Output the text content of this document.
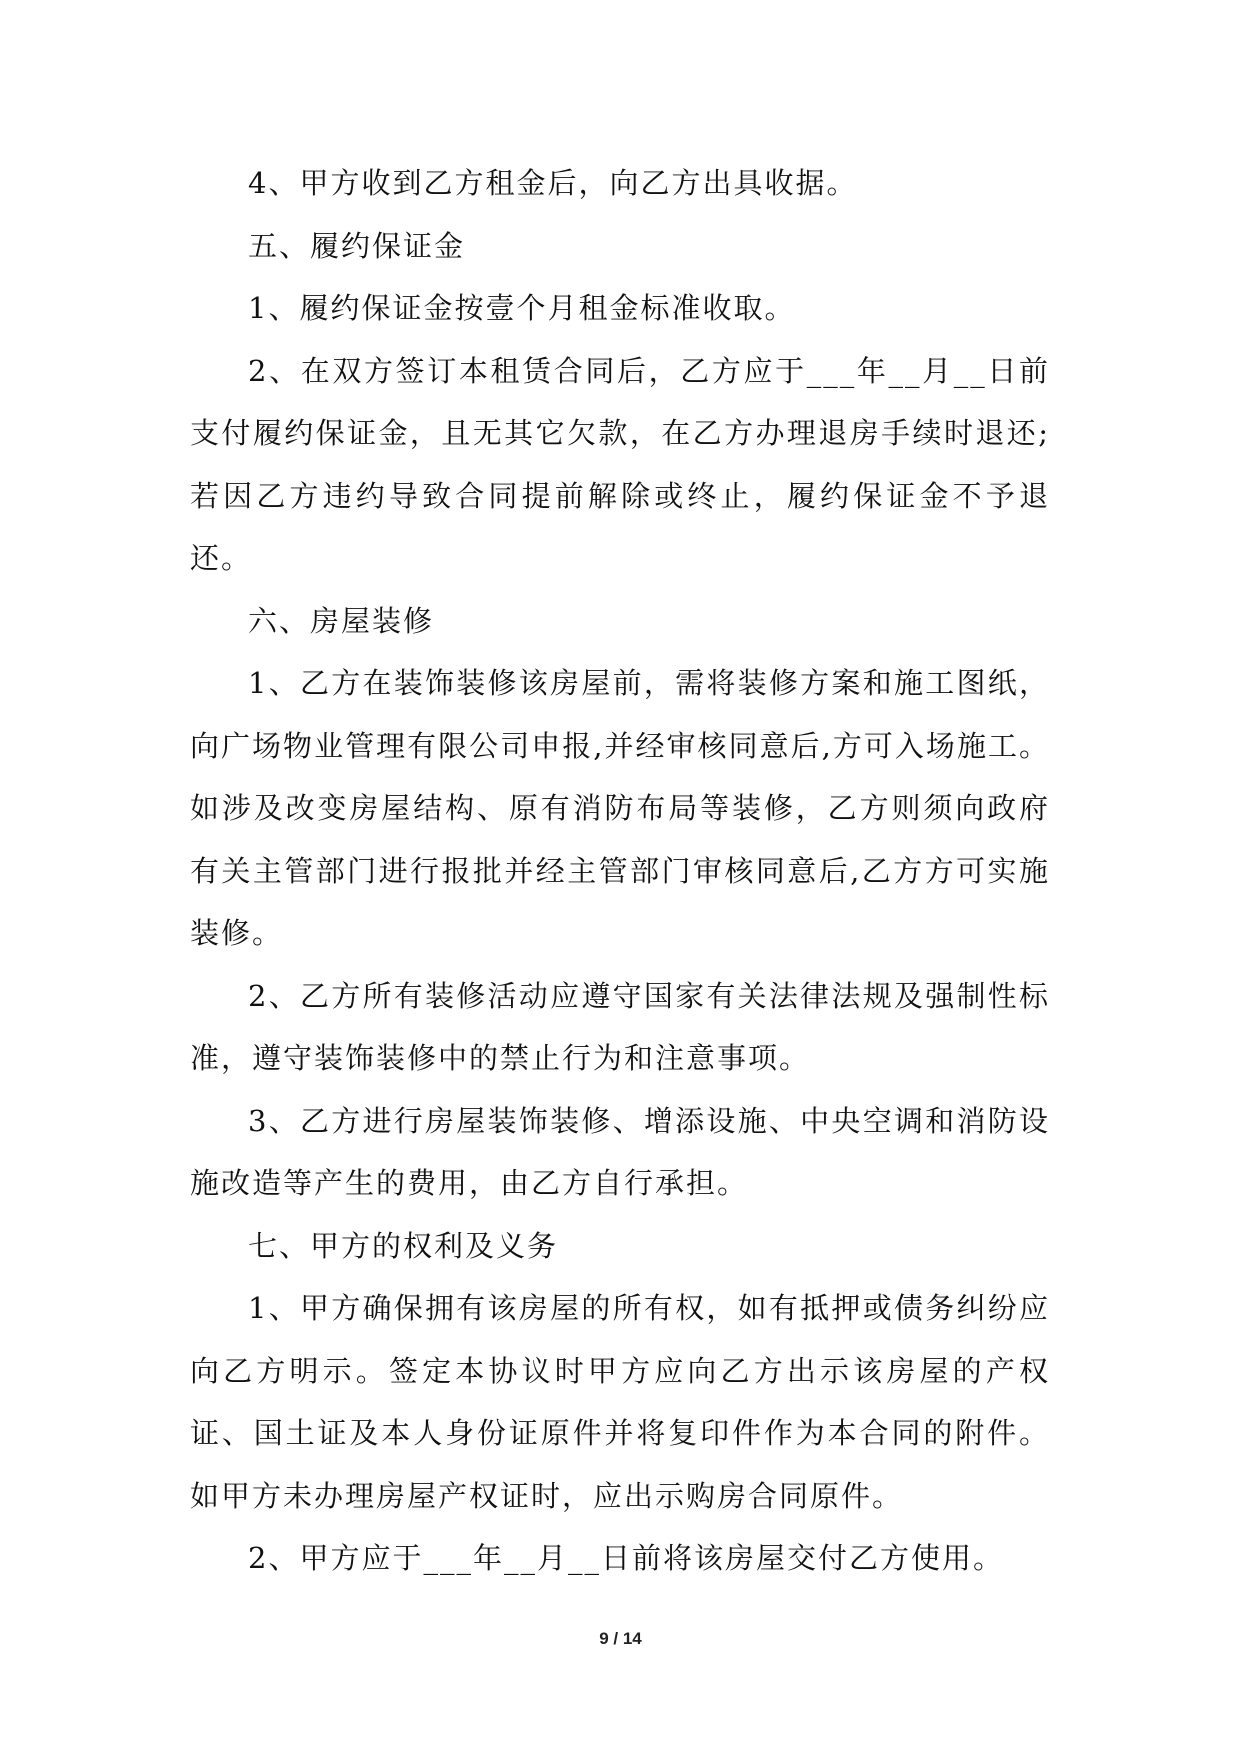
4、甲方收到乙方租金后，向乙方出具收据。

五、履约保证金

1、履约保证金按壹个月租金标准收取。

2、在双方签订本租赁合同后，乙方应于___年__月__日前支付履约保证金，且无其它欠款，在乙方办理退房手续时退还;若因乙方违约导致合同提前解除或终止，履约保证金不予退还。

六、房屋装修

1、乙方在装饰装修该房屋前，需将装修方案和施工图纸，向广场物业管理有限公司申报,并经审核同意后,方可入场施工。如涉及改变房屋结构、原有消防布局等装修，乙方则须向政府有关主管部门进行报批并经主管部门审核同意后,乙方方可实施装修。

2、乙方所有装修活动应遵守国家有关法律法规及强制性标准，遵守装饰装修中的禁止行为和注意事项。

3、乙方进行房屋装饰装修、增添设施、中央空调和消防设施改造等产生的费用，由乙方自行承担。

七、甲方的权利及义务

1、甲方确保拥有该房屋的所有权，如有抵押或债务纠纷应向乙方明示。签定本协议时甲方应向乙方出示该房屋的产权证、国土证及本人身份证原件并将复印件作为本合同的附件。如甲方未办理房屋产权证时，应出示购房合同原件。

2、甲方应于___年__月__日前将该房屋交付乙方使用。

9 / 14
